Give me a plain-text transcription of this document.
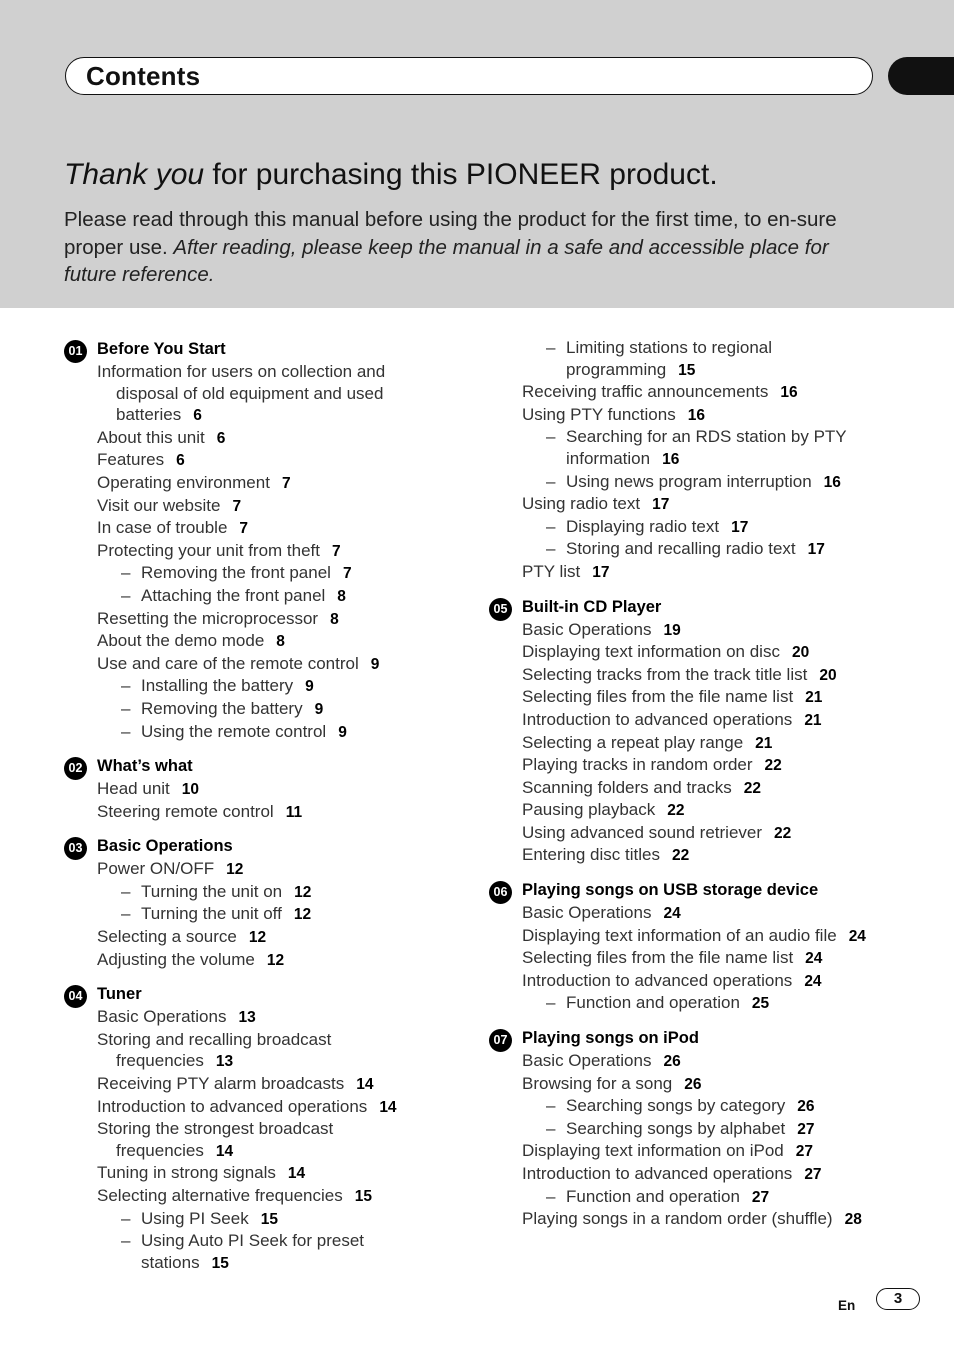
Contents
Thank you for purchasing this PIONEER product.
Please read through this manual before using the product for the first time, to en-sure proper use. After reading, please keep the manual in a safe and accessible place for future reference.
01 Before You Start
Information for users on collection and disposal of old equipment and used batteries 6
About this unit 6
Features 6
Operating environment 7
Visit our website 7
In case of trouble 7
Protecting your unit from theft 7
– Removing the front panel 7
– Attaching the front panel 8
Resetting the microprocessor 8
About the demo mode 8
Use and care of the remote control 9
– Installing the battery 9
– Removing the battery 9
– Using the remote control 9
02 What’s what
Head unit 10
Steering remote control 11
03 Basic Operations
Power ON/OFF 12
– Turning the unit on 12
– Turning the unit off 12
Selecting a source 12
Adjusting the volume 12
04 Tuner
Basic Operations 13
Storing and recalling broadcast frequencies 13
Receiving PTY alarm broadcasts 14
Introduction to advanced operations 14
Storing the strongest broadcast frequencies 14
Tuning in strong signals 14
Selecting alternative frequencies 15
– Using PI Seek 15
– Using Auto PI Seek for preset stations 15
– Limiting stations to regional programming 15
Receiving traffic announcements 16
Using PTY functions 16
– Searching for an RDS station by PTY information 16
– Using news program interruption 16
Using radio text 17
– Displaying radio text 17
– Storing and recalling radio text 17
PTY list 17
05 Built-in CD Player
Basic Operations 19
Displaying text information on disc 20
Selecting tracks from the track title list 20
Selecting files from the file name list 21
Introduction to advanced operations 21
Selecting a repeat play range 21
Playing tracks in random order 22
Scanning folders and tracks 22
Pausing playback 22
Using advanced sound retriever 22
Entering disc titles 22
06 Playing songs on USB storage device
Basic Operations 24
Displaying text information of an audio file 24
Selecting files from the file name list 24
Introduction to advanced operations 24
– Function and operation 25
07 Playing songs on iPod
Basic Operations 26
Browsing for a song 26
– Searching songs by category 26
– Searching songs by alphabet 27
Displaying text information on iPod 27
Introduction to advanced operations 27
– Function and operation 27
Playing songs in a random order (shuffle) 28
En	3
